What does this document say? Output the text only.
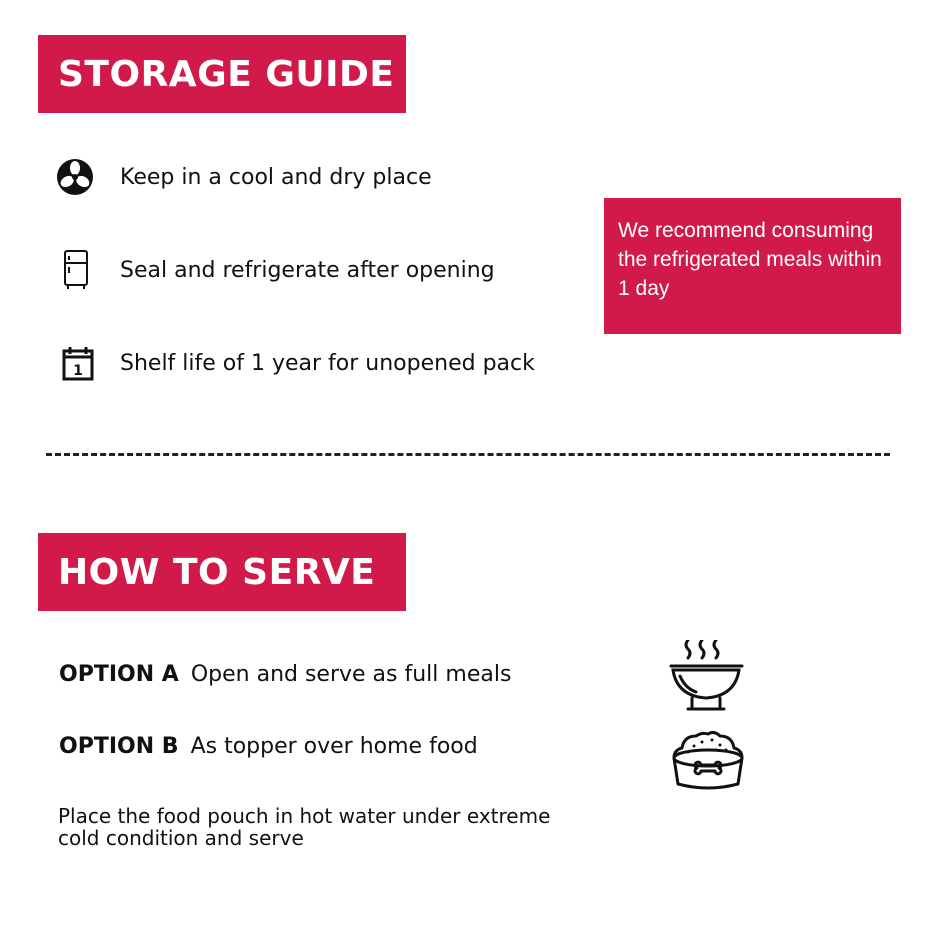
STORAGE GUIDE
Keep in a cool and dry place
Seal and refrigerate after opening
1 Shelf life of 1 year for unopened pack
We recommend consuming the refrigerated meals within 1 day
HOW TO SERVE
OPTION A Open and serve as full meals
OPTION B As topper over home food
Place the food pouch in hot water under extreme cold condition and serve
